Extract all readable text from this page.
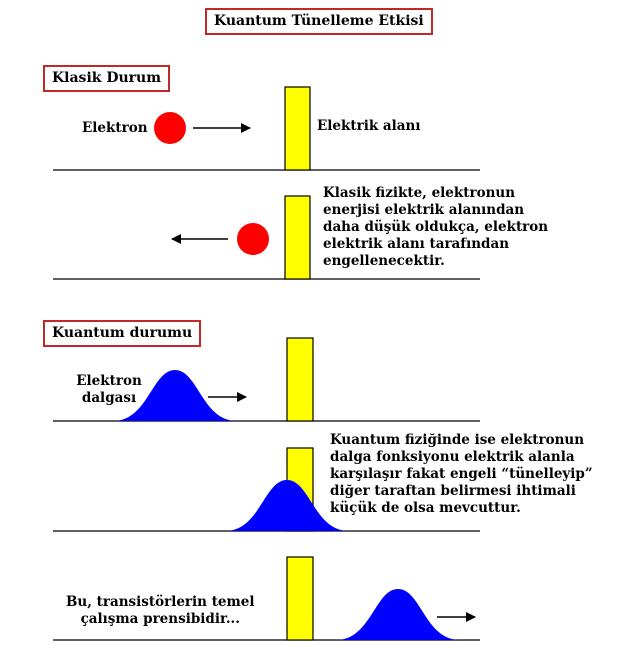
Kuantum Tünelleme Etkisi
Klasik Durum
Elektron	Elektrik alanı
Klasik fizikte, elektronun
enerjisi elektrik alanından
daha düşük oldukça, elektron
elektrik alanı tarafından
engellenecektir.
Kuantum durumu
Elektron
dalgası
Kuantum fiziğinde ise elektronun
dalga fonksiyonu elektrik alanla
karşılaşır fakat engeli “tünelleyip”
diğer taraftan belirmesi ihtimali
küçük de olsa mevcuttur.
Bu, transistörlerin temel
çalışma prensibidir...
